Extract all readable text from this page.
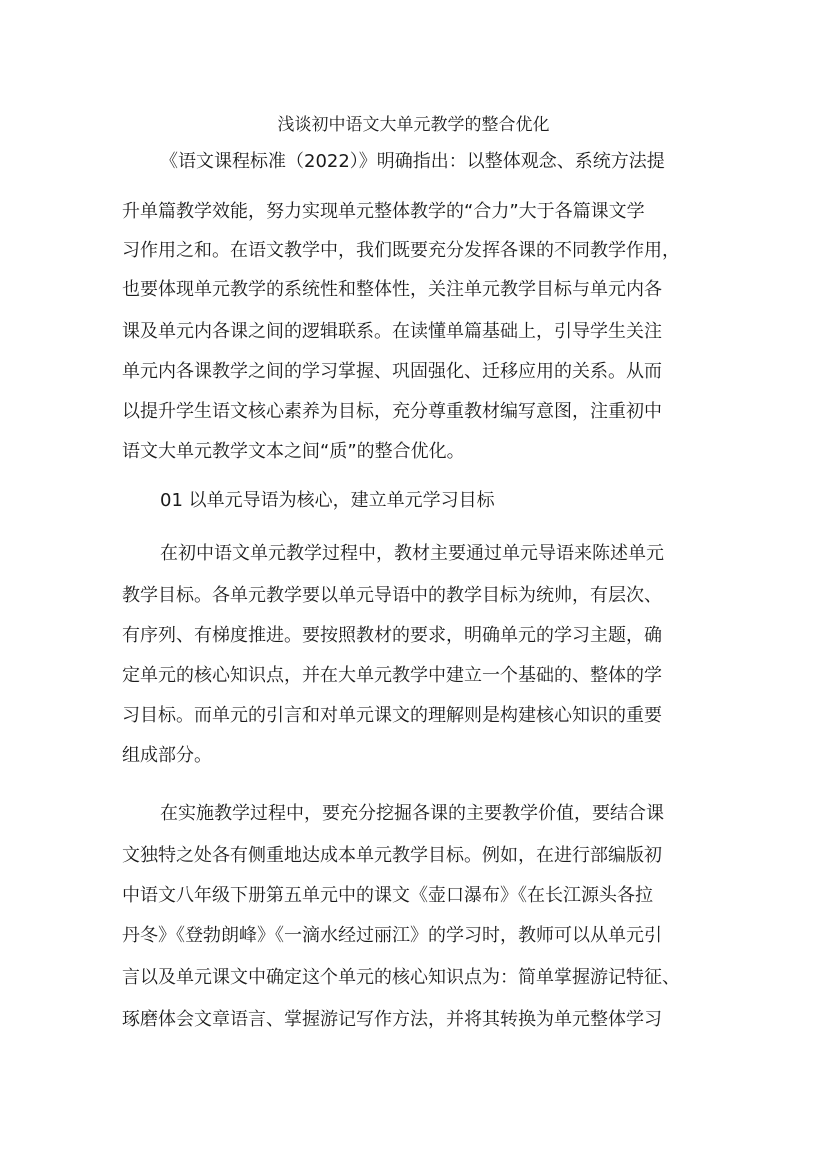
浅谈初中语文大单元教学的整合优化
《语文课程标准（2022）》明确指出：以整体观念、系统方法提
升单篇教学效能，努力实现单元整体教学的“合力”大于各篇课文学
习作用之和。在语文教学中，我们既要充分发挥各课的不同教学作用，
也要体现单元教学的系统性和整体性，关注单元教学目标与单元内各
课及单元内各课之间的逻辑联系。在读懂单篇基础上，引导学生关注
单元内各课教学之间的学习掌握、巩固强化、迁移应用的关系。从而
以提升学生语文核心素养为目标，充分尊重教材编写意图，注重初中
语文大单元教学文本之间“质”的整合优化。
01 以单元导语为核心，建立单元学习目标
在初中语文单元教学过程中，教材主要通过单元导语来陈述单元
教学目标。各单元教学要以单元导语中的教学目标为统帅，有层次、
有序列、有梯度推进。要按照教材的要求，明确单元的学习主题，确
定单元的核心知识点，并在大单元教学中建立一个基础的、整体的学
习目标。而单元的引言和对单元课文的理解则是构建核心知识的重要
组成部分。
在实施教学过程中，要充分挖掘各课的主要教学价值，要结合课
文独特之处各有侧重地达成本单元教学目标。例如，在进行部编版初
中语文八年级下册第五单元中的课文《壶口瀑布》《在长江源头各拉
丹冬》《登勃朗峰》《一滴水经过丽江》的学习时，教师可以从单元引
言以及单元课文中确定这个单元的核心知识点为：简单掌握游记特征、
琢磨体会文章语言、掌握游记写作方法，并将其转换为单元整体学习
